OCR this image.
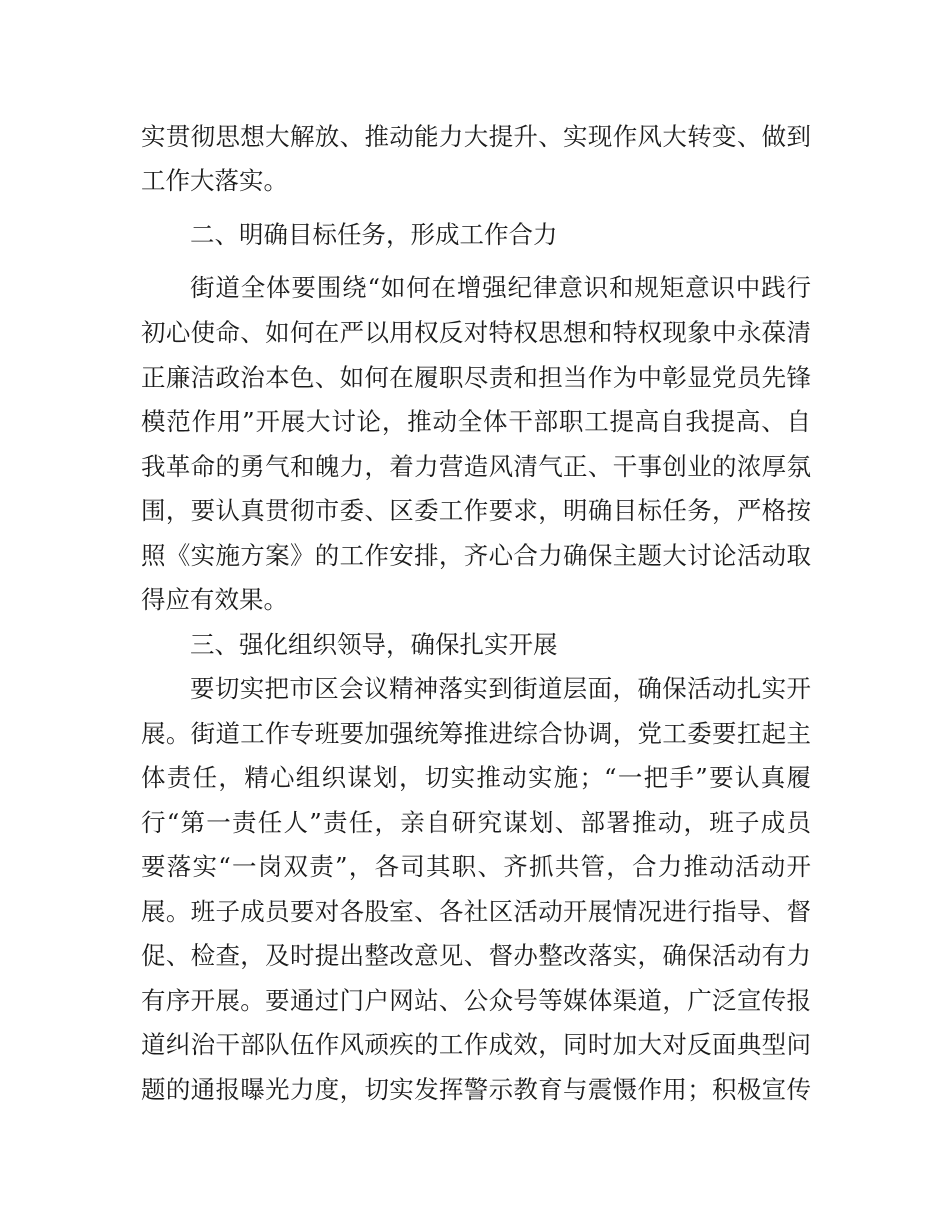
实贯彻思想大解放、推动能力大提升、实现作风大转变、做到
工作大落实。
二、明确目标任务，形成工作合力
街道全体要围绕“如何在增强纪律意识和规矩意识中践行
初心使命、如何在严以用权反对特权思想和特权现象中永葆清
正廉洁政治本色、如何在履职尽责和担当作为中彰显党员先锋
模范作用”开展大讨论，推动全体干部职工提高自我提高、自
我革命的勇气和魄力，着力营造风清气正、干事创业的浓厚氛
围，要认真贯彻市委、区委工作要求，明确目标任务，严格按
照《实施方案》的工作安排，齐心合力确保主题大讨论活动取
得应有效果。
三、强化组织领导，确保扎实开展
要切实把市区会议精神落实到街道层面，确保活动扎实开
展。街道工作专班要加强统筹推进综合协调，党工委要扛起主
体责任，精心组织谋划，切实推动实施；“一把手”要认真履
行“第一责任人”责任，亲自研究谋划、部署推动，班子成员
要落实“一岗双责”，各司其职、齐抓共管，合力推动活动开
展。班子成员要对各股室、各社区活动开展情况进行指导、督
促、检查，及时提出整改意见、督办整改落实，确保活动有力
有序开展。要通过门户网站、公众号等媒体渠道，广泛宣传报
道纠治干部队伍作风顽疾的工作成效，同时加大对反面典型问
题的通报曝光力度，切实发挥警示教育与震慑作用；积极宣传
